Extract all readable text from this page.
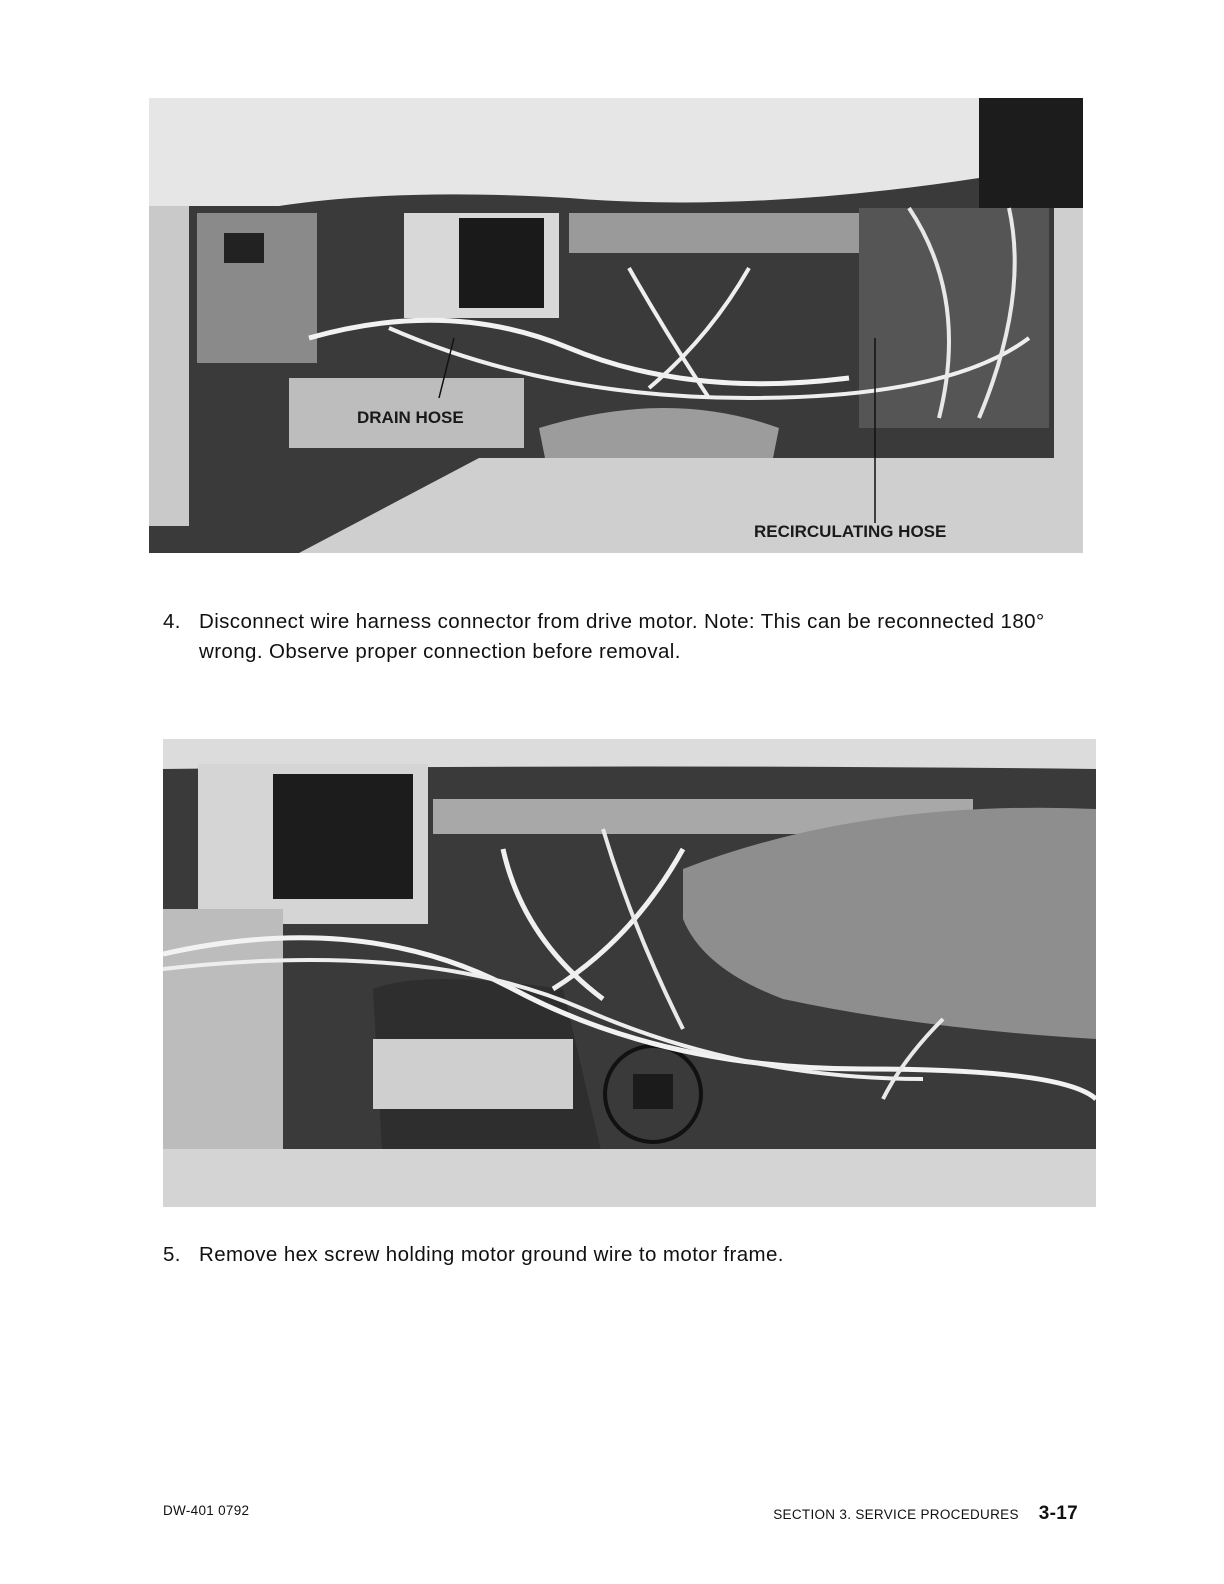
DRAIN HOSE
RECIRCULATING HOSE
4. Disconnect wire harness connector from drive motor. Note: This can be reconnected 180° wrong. Observe proper connection before removal.
5. Remove hex screw holding motor ground wire to motor frame.
DW-401 0792	SECTION 3. SERVICE PROCEDURES 3-17
